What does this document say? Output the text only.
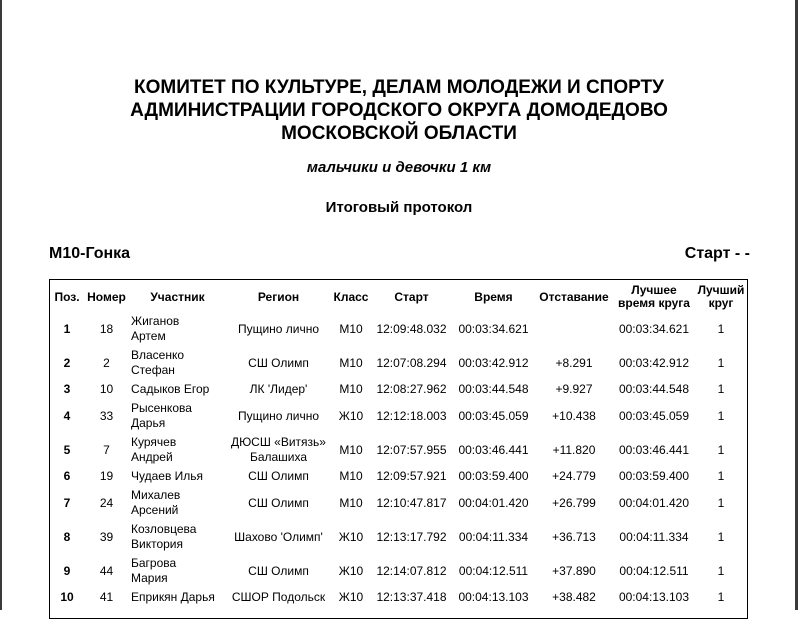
КОМИТЕТ ПО КУЛЬТУРЕ, ДЕЛАМ МОЛОДЕЖИ И СПОРТУ
АДМИНИСТРАЦИИ ГОРОДСКОГО ОКРУГА ДОМОДЕДОВО
МОСКОВСКОЙ ОБЛАСТИ
мальчики и девочки 1 км
Итоговый протокол
М10-Гонка	Старт - -
Поз.	Номер	Участник	Регион	Класс	Старт	Время	Отставание	Лучшее
время круга	Лучший
круг
1	18	Жиганов
Артем	Пущино лично	М10	12:09:48.032	00:03:34.621		00:03:34.621	1
2	2	Власенко
Стефан	СШ Олимп	М10	12:07:08.294	00:03:42.912	+8.291	00:03:42.912	1
3	10	Садыков Егор	ЛК 'Лидер'	М10	12:08:27.962	00:03:44.548	+9.927	00:03:44.548	1
4	33	Рысенкова
Дарья	Пущино лично	Ж10	12:12:18.003	00:03:45.059	+10.438	00:03:45.059	1
5	7	Курячев
Андрей	ДЮСШ «Витязь»
Балашиха	М10	12:07:57.955	00:03:46.441	+11.820	00:03:46.441	1
6	19	Чудаев Илья	СШ Олимп	М10	12:09:57.921	00:03:59.400	+24.779	00:03:59.400	1
7	24	Михалев
Арсений	СШ Олимп	М10	12:10:47.817	00:04:01.420	+26.799	00:04:01.420	1
8	39	Козловцева
Виктория	Шахово 'Олимп'	Ж10	12:13:17.792	00:04:11.334	+36.713	00:04:11.334	1
9	44	Багрова
Мария	СШ Олимп	Ж10	12:14:07.812	00:04:12.511	+37.890	00:04:12.511	1
10	41	Еприкян Дарья	СШОР Подольск	Ж10	12:13:37.418	00:04:13.103	+38.482	00:04:13.103	1
